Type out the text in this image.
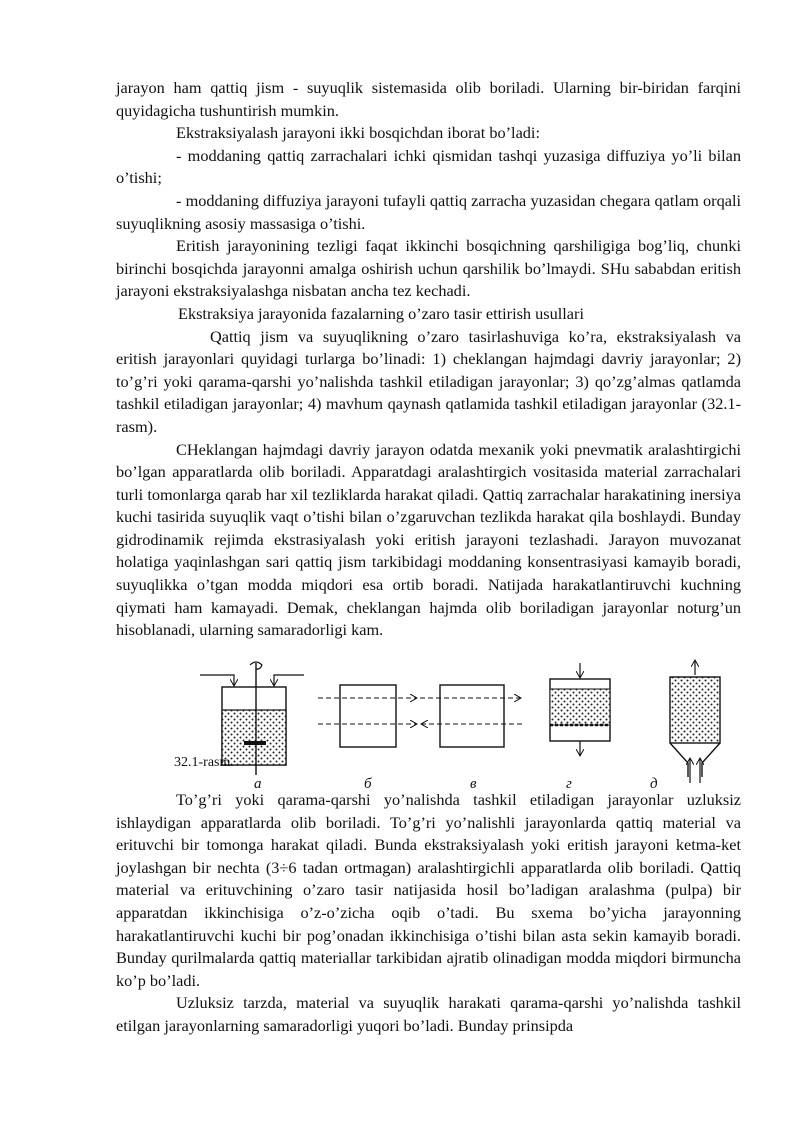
jarayon ham qattiq jism - suyuqlik sistemasida olib boriladi. Ularning bir-biridan farqini quyidagicha tushuntirish mumkin.

Ekstraksiyalash jarayoni ikki bosqichdan iborat bo’ladi:

- moddaning qattiq zarrachalari ichki qismidan tashqi yuzasiga diffuziya yo’li bilan o’tishi;

- moddaning diffuziya jarayoni tufayli qattiq zarracha yuzasidan chegara qatlam orqali suyuqlikning asosiy massasiga o’tishi.

Eritish jarayonining tezligi faqat ikkinchi bosqichning qarshiligiga bog’liq, chunki birinchi bosqichda jarayonni amalga oshirish uchun qarshilik bo’lmaydi. SHu sababdan eritish jarayoni ekstraksiyalashga nisbatan ancha tez kechadi.

Ekstraksiya jarayonida fazalarning o’zaro tasir ettirish usullari

Qattiq jism va suyuqlikning o’zaro tasirlashuviga ko’ra, ekstraksiyalash va eritish jarayonlari quyidagi turlarga bo’linadi: 1) cheklangan hajmdagi davriy jarayonlar; 2) to’g’ri yoki qarama-qarshi yo’nalishda tashkil etiladigan jarayonlar; 3) qo’zg’almas qatlamda tashkil etiladigan jarayonlar; 4) mavhum qaynash qatlamida tashkil etiladigan jarayonlar (32.1-rasm).

CHeklangan hajmdagi davriy jarayon odatda mexanik yoki pnevmatik aralashtirgichi bo’lgan apparatlarda olib boriladi. Apparatdagi aralashtirgich vositasida material zarrachalari turli tomonlarga qarab har xil tezliklarda harakat qiladi. Qattiq zarrachalar harakatining inersiya kuchi tasirida suyuqlik vaqt o’tishi bilan o’zgaruvchan tezlikda harakat qila boshlaydi. Bunday gidrodinamik rejimda ekstrasiyalash yoki eritish jarayoni tezlashadi. Jarayon muvozanat holatiga yaqinlashgan sari qattiq jism tarkibidagi moddaning konsentrasiyasi kamayib boradi, suyuqlikka o’tgan modda miqdori esa ortib boradi. Natijada harakatlantiruvchi kuchning qiymati ham kamayadi. Demak, cheklangan hajmda olib boriladigan jarayonlar noturg’un hisoblanadi, ularning samaradorligi kam.

32.1-rasm.
а	б	в	г	д

To’g’ri yoki qarama-qarshi yo’nalishda tashkil etiladigan jarayonlar uzluksiz ishlaydigan apparatlarda olib boriladi. To’g’ri yo’nalishli jarayonlarda qattiq material va erituvchi bir tomonga harakat qiladi. Bunda ekstraksiyalash yoki eritish jarayoni ketma-ket joylashgan bir nechta (3÷6 tadan ortmagan) aralashtirgichli apparatlarda olib boriladi. Qattiq material va erituvchining o’zaro tasir natijasida hosil bo’ladigan aralashma (pulpa) bir apparatdan ikkinchisiga o’z-o’zicha oqib o’tadi. Bu sxema bo’yicha jarayonning harakatlantiruvchi kuchi bir pog’onadan ikkinchisiga o’tishi bilan asta sekin kamayib boradi. Bunday qurilmalarda qattiq materiallar tarkibidan ajratib olinadigan modda miqdori birmuncha ko’p bo’ladi.

Uzluksiz tarzda, material va suyuqlik harakati qarama-qarshi yo’nalishda tashkil etilgan jarayonlarning samaradorligi yuqori bo’ladi. Bunday prinsipda
